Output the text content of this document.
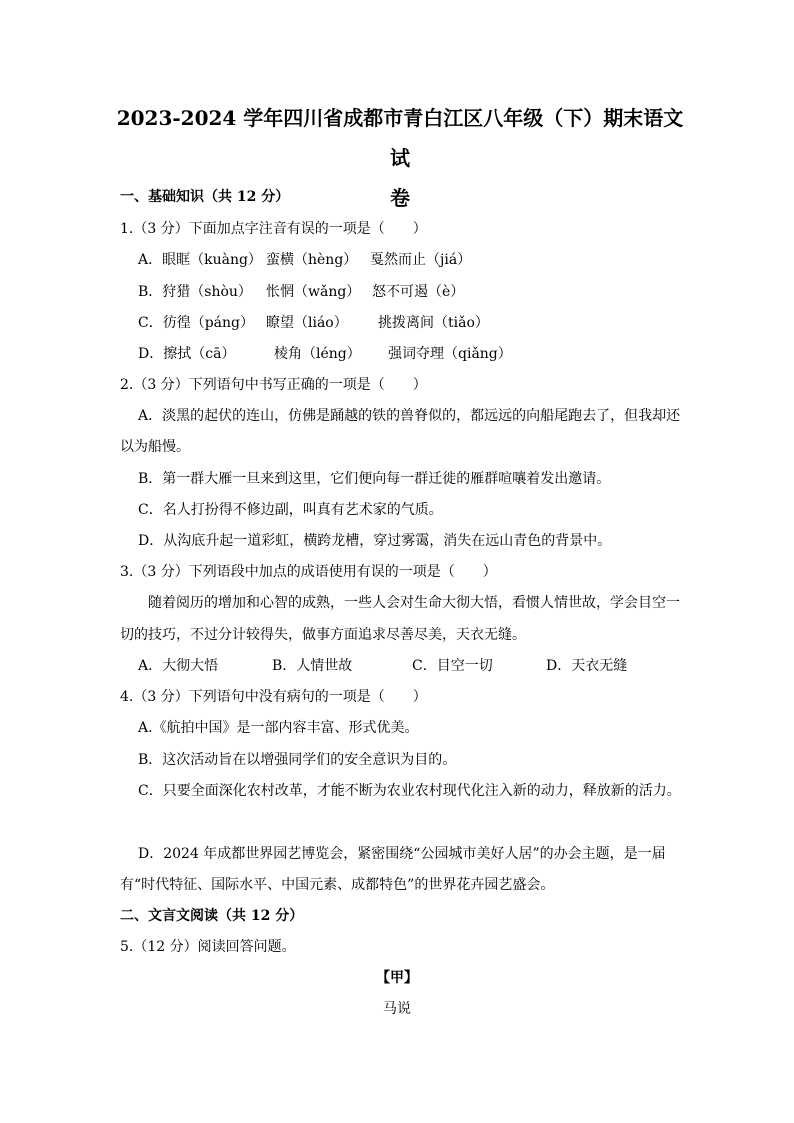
2023-2024 学年四川省成都市青白江区八年级（下）期末语文试
卷
一、基础知识（共 12 分）
1.（3 分）下面加点字注音有误的一项是（　　）
A．眼眶（kuàng） 蛮横（hèng） 戛然而止（jiá）
B．狩猎（shòu） 怅惘（wǎng） 怒不可遏（è）
C．彷徨（páng） 瞭望（liáo） 挑拨离间（tiǎo）
D．擦拭（cā）	棱角（léng） 强词夺理（qiǎng）
2.（3 分）下列语句中书写正确的一项是（　　）
A．淡黑的起伏的连山，仿佛是踊越的铁的兽脊似的，都远远的向船尾跑去了，但我却还
以为船慢。
B．第一群大雁一旦来到这里，它们便向每一群迁徙的雁群喧嚷着发出邀请。
C．名人打扮得不修边副，叫真有艺术家的气质。
D．从沟底升起一道彩虹，横跨龙槽，穿过雾霭，消失在远山青色的背景中。
3.（3 分）下列语段中加点的成语使用有误的一项是（　　）
随着阅历的增加和心智的成熟，一些人会对生命大彻大悟，看惯人情世故，学会目空一
切的技巧，不过分计较得失，做事方面追求尽善尽美，天衣无缝。
A．大彻大悟	B．人情世故	C．目空一切	D．天衣无缝
4.（3 分）下列语句中没有病句的一项是（　　）
A.《航拍中国》是一部内容丰富、形式优美。
B．这次活动旨在以增强同学们的安全意识为目的。
C．只要全面深化农村改革，才能不断为农业农村现代化注入新的动力，释放新的活力。
D．2024 年成都世界园艺博览会，紧密围绕“公园城市美好人居”的办会主题，是一届
有“时代特征、国际水平、中国元素、成都特色”的世界花卉园艺盛会。
二、文言文阅读（共 12 分）
5.（12 分）阅读回答问题。
【甲】
马说
